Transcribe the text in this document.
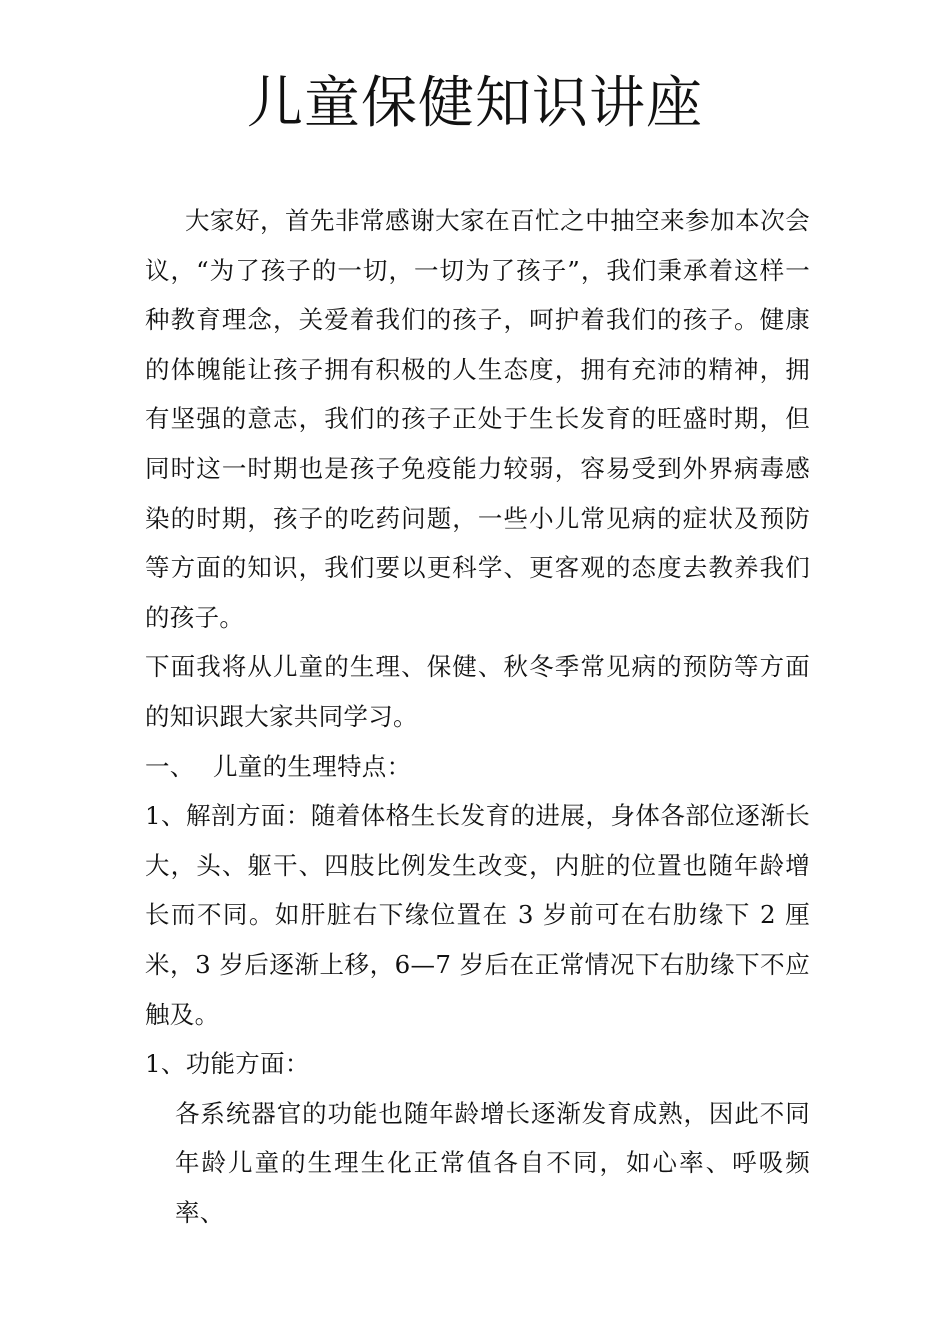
儿童保健知识讲座

大家好，首先非常感谢大家在百忙之中抽空来参加本次会议，“为了孩子的一切，一切为了孩子”，我们秉承着这样一种教育理念，关爱着我们的孩子，呵护着我们的孩子。健康的体魄能让孩子拥有积极的人生态度，拥有充沛的精神，拥有坚强的意志，我们的孩子正处于生长发育的旺盛时期，但同时这一时期也是孩子免疫能力较弱，容易受到外界病毒感染的时期，孩子的吃药问题，一些小儿常见病的症状及预防等方面的知识，我们要以更科学、更客观的态度去教养我们的孩子。

下面我将从儿童的生理、保健、秋冬季常见病的预防等方面的知识跟大家共同学习。

一、 儿童的生理特点：

1、解剖方面：随着体格生长发育的进展，身体各部位逐渐长大，头、躯干、四肢比例发生改变，内脏的位置也随年龄增长而不同。如肝脏右下缘位置在 3 岁前可在右肋缘下 2 厘米，3 岁后逐渐上移，6—7 岁后在正常情况下右肋缘下不应触及。

1、功能方面：

各系统器官的功能也随年龄增长逐渐发育成熟，因此不同年龄儿童的生理生化正常值各自不同，如心率、呼吸频率、
